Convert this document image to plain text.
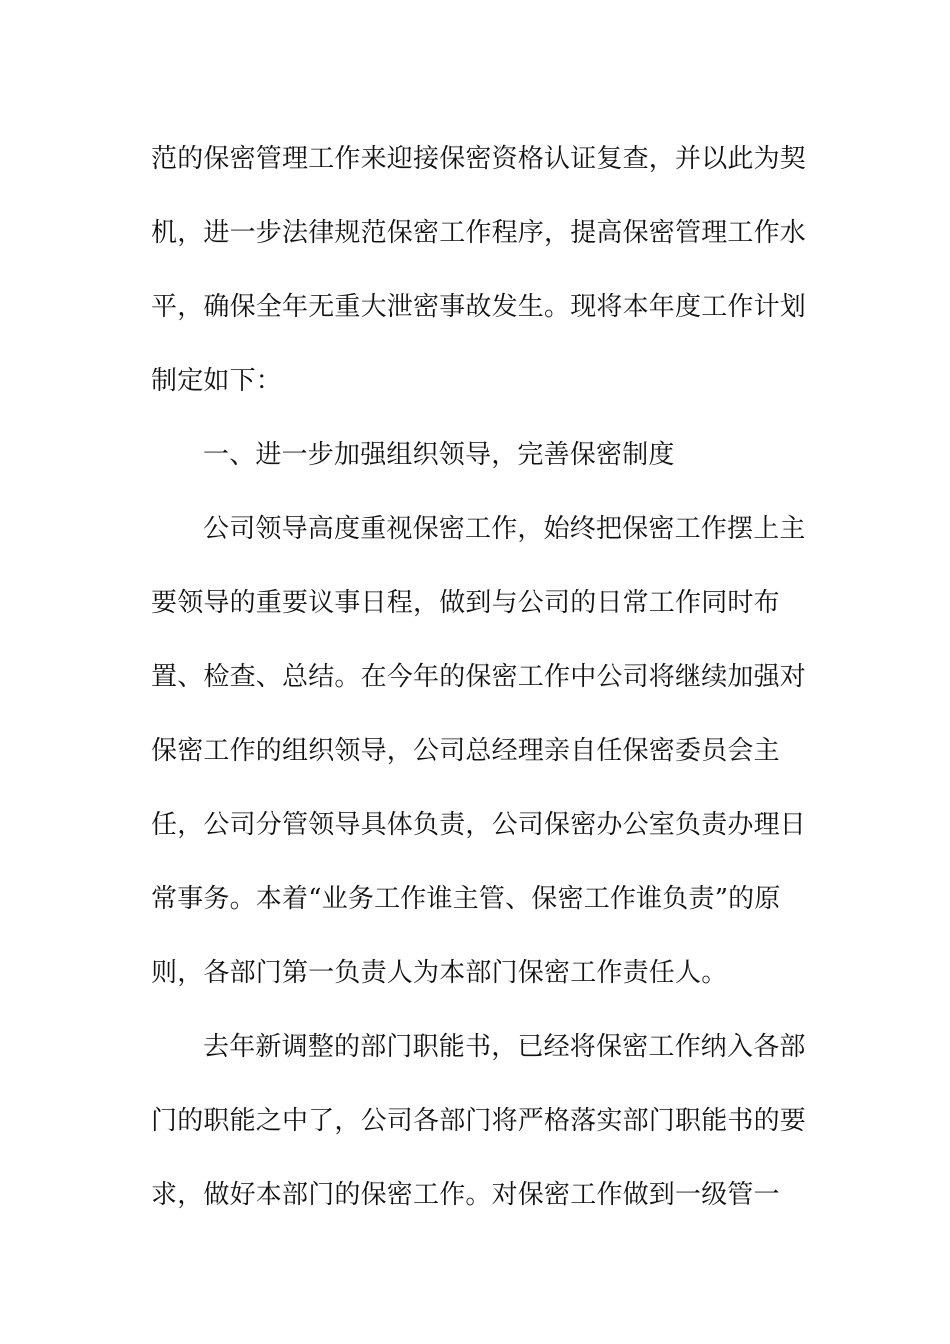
范的保密管理工作来迎接保密资格认证复查，并以此为契

机，进一步法律规范保密工作程序，提高保密管理工作水

平，确保全年无重大泄密事故发生。现将本年度工作计划

制定如下：

一、进一步加强组织领导，完善保密制度

公司领导高度重视保密工作，始终把保密工作摆上主

要领导的重要议事日程，做到与公司的日常工作同时布

置、检查、总结。在今年的保密工作中公司将继续加强对

保密工作的组织领导，公司总经理亲自任保密委员会主

任，公司分管领导具体负责，公司保密办公室负责办理日

常事务。本着“业务工作谁主管、保密工作谁负责”的原

则，各部门第一负责人为本部门保密工作责任人。

去年新调整的部门职能书，已经将保密工作纳入各部

门的职能之中了，公司各部门将严格落实部门职能书的要

求，做好本部门的保密工作。对保密工作做到一级管一
